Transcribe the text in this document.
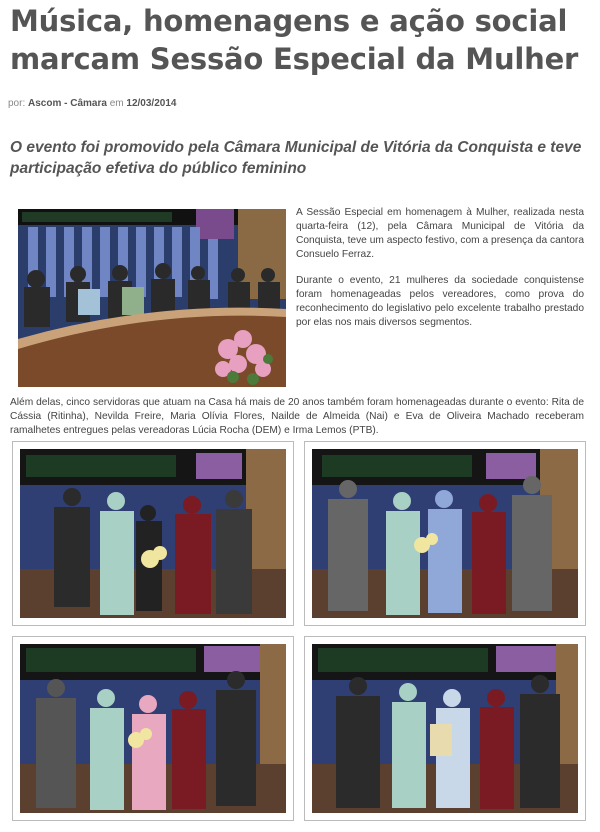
Música, homenagens e ação social marcam Sessão Especial da Mulher
por: Ascom - Câmara em 12/03/2014
O evento foi promovido pela Câmara Municipal de Vitória da Conquista e teve participação efetiva do público feminino

A Sessão Especial em homenagem à Mulher, realizada nesta quarta-feira (12), pela Câmara Municipal de Vitória da Conquista, teve um aspecto festivo, com a presença da cantora Consuelo Ferraz.

Durante o evento, 21 mulheres da sociedade conquistense foram homenageadas pelos vereadores, como prova do reconhecimento do legislativo pelo excelente trabalho prestado por elas nos mais diversos segmentos.

Além delas, cinco servidoras que atuam na Casa há mais de 20 anos também foram homenageadas durante o evento: Rita de Cássia (Ritinha), Nevilda Freire, Maria Olívia Flores, Nailde de Almeida (Nai) e Eva de Oliveira Machado receberam ramalhetes entregues pelas vereadoras Lúcia Rocha (DEM) e Irma Lemos (PTB).
